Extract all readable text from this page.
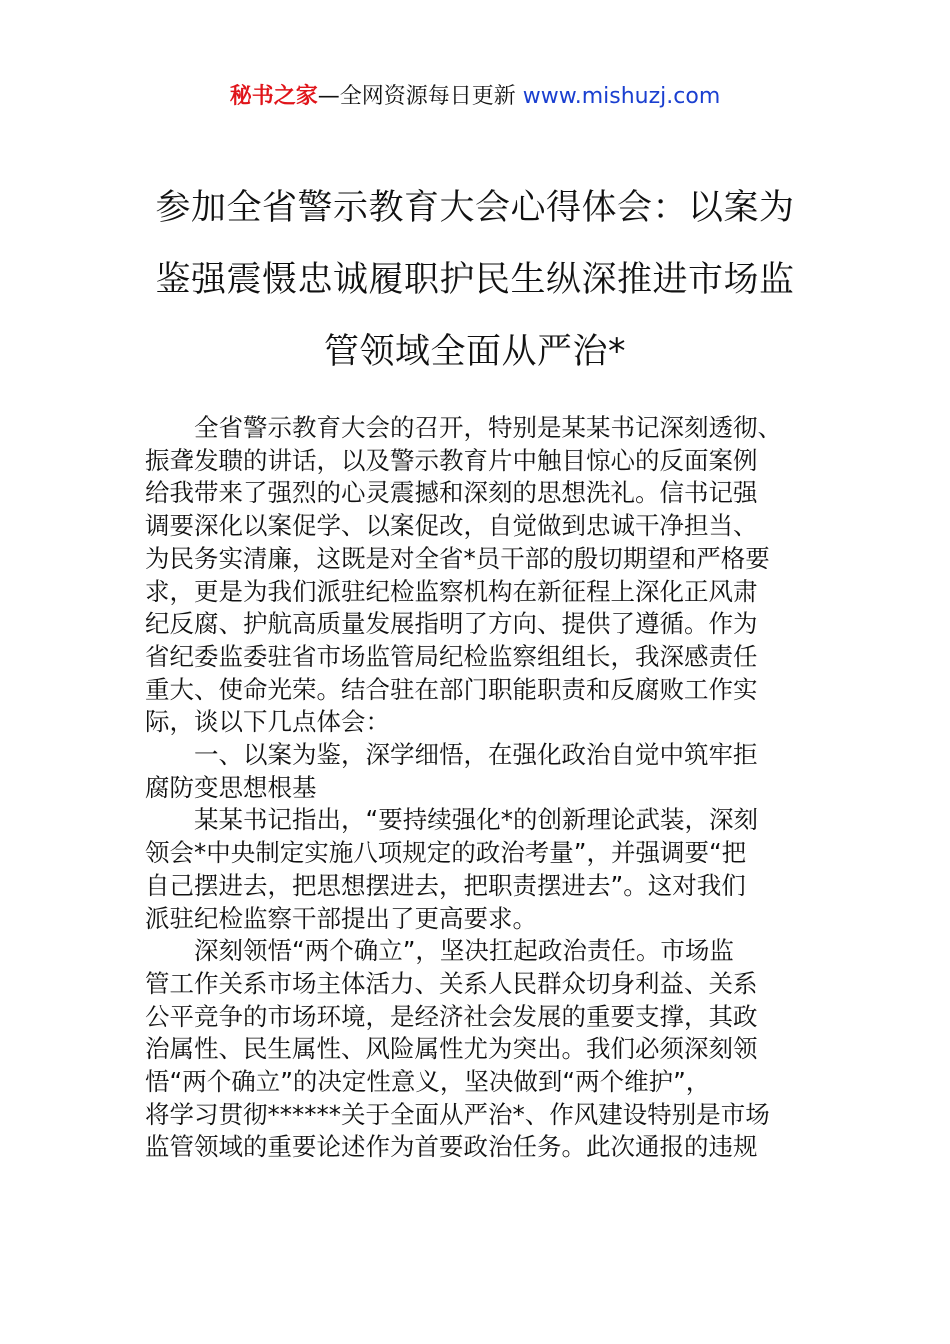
秘书之家—全网资源每日更新 www.mishuzj.com
参加全省警示教育大会心得体会：以案为
鉴强震慑忠诚履职护民生纵深推进市场监
管领域全面从严治*
全省警示教育大会的召开，特别是某某书记深刻透彻、
振聋发聩的讲话，以及警示教育片中触目惊心的反面案例
给我带来了强烈的心灵震撼和深刻的思想洗礼。信书记强
调要深化以案促学、以案促改，自觉做到忠诚干净担当、
为民务实清廉，这既是对全省*员干部的殷切期望和严格要
求，更是为我们派驻纪检监察机构在新征程上深化正风肃
纪反腐、护航高质量发展指明了方向、提供了遵循。作为
省纪委监委驻省市场监管局纪检监察组组长，我深感责任
重大、使命光荣。结合驻在部门职能职责和反腐败工作实
际，谈以下几点体会：
一、以案为鉴，深学细悟，在强化政治自觉中筑牢拒
腐防变思想根基
某某书记指出，“要持续强化*的创新理论武装，深刻
领会*中央制定实施八项规定的政治考量”，并强调要“把
自己摆进去，把思想摆进去，把职责摆进去”。这对我们
派驻纪检监察干部提出了更高要求。
深刻领悟“两个确立”，坚决扛起政治责任。市场监
管工作关系市场主体活力、关系人民群众切身利益、关系
公平竞争的市场环境，是经济社会发展的重要支撑，其政
治属性、民生属性、风险属性尤为突出。我们必须深刻领
悟“两个确立”的决定性意义，坚决做到“两个维护”，
将学习贯彻******关于全面从严治*、作风建设特别是市场
监管领域的重要论述作为首要政治任务。此次通报的违规
